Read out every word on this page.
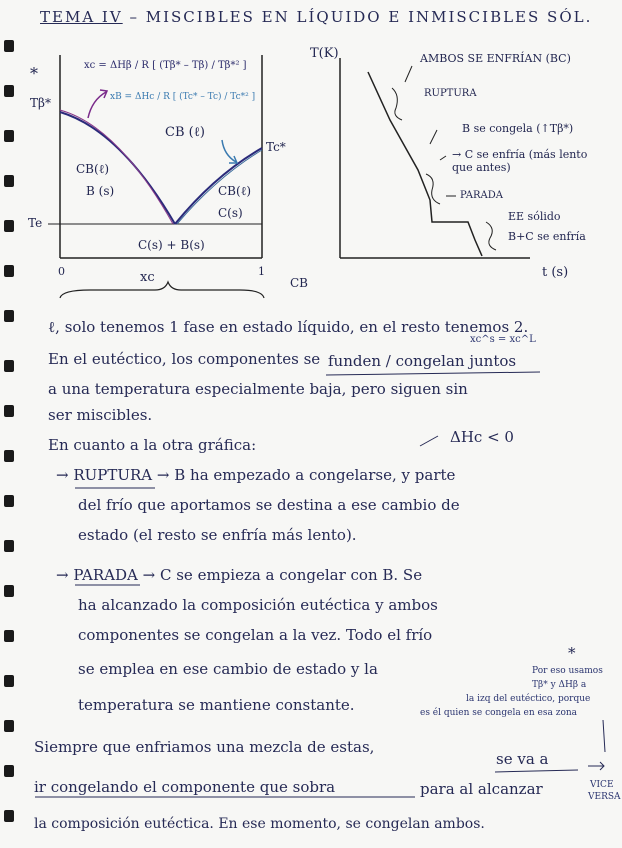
TEMA IV – MISCIBLES EN LÍQUIDO E INMISCIBLES SÓL.
*
Tβ*
Tc*
Te
xc
0	1
xc = ΔHβ / R [ (Tβ* – Tβ) / Tβ*² ]
xB = ΔHc / R [ (Tc* – Tc) / Tc*² ]
CB (ℓ)
CB(ℓ)
B (s)	CB(ℓ)
C(s)
C(s) + B(s)
CB
T(K)
t (s)
AMBOS SE ENFRÍAN (BC)
RUPTURA
B se congela (↑Tβ*)
→ C se enfría (más lento que antes)
PARADA
EE sólido
B+C se enfría
ℓ, solo tenemos 1 fase en estado líquido, en el resto tenemos 2.
xc^s = xc^L
En el eutéctico, los componentes se funden / congelan juntos
a una temperatura especialmente baja, pero siguen sin
ser miscibles.
En cuanto a la otra gráfica:	ΔHc < 0
→ RUPTURA → B ha empezado a congelarse, y parte
del frío que aportamos se destina a ese cambio de
estado (el resto se enfría más lento).
→ PARADA → C se empieza a congelar con B. Se
ha alcanzado la composición eutéctica y ambos
componentes se congelan a la vez. Todo el frío
se emplea en ese cambio de estado y la
temperatura se mantiene constante.
*
Por eso usamos
Tβ* y ΔHβ a
la izq del eutéctico, porque
es él quien se congela en esa zona
Siempre que enfriamos una mezcla de estas,
se va a
ir congelando el componente que sobra	para al alcanzar
la composición eutéctica. En ese momento, se congelan ambos.
VICE
VERSA
